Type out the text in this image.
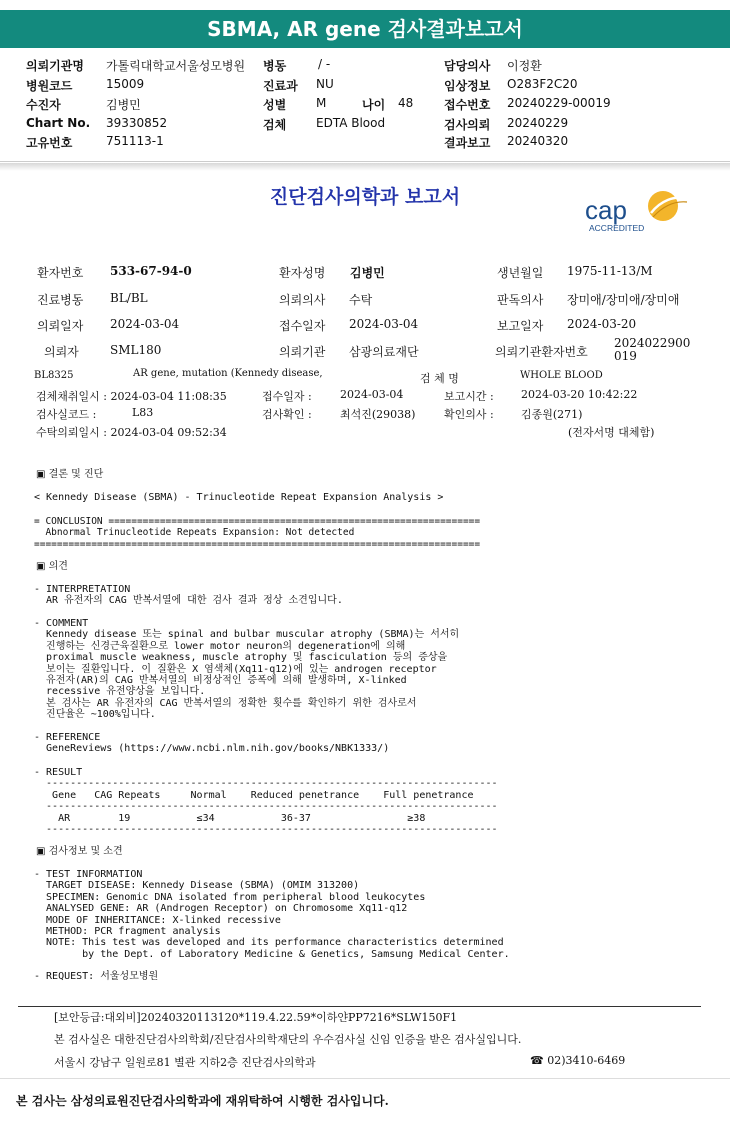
SBMA, AR gene 검사결과보고서
의뢰기관명 가톨릭대학교서울성모병원
병원코드	15009
수진자	김병민
Chart No. 39330852
고유번호	751113-1
병동	/ -
진료과 NU
성별 M
검체 EDTA Blood
나이 48
담당의사 이정환
임상정보 O283F2C20
접수번호 20240229-00019
검사의뢰 20240229
결과보고 20240320
진단검사의학과 보고서	cap
ACCREDITED
환자번호 533-67-94-0	환자성명 김병민	생년월일 1975-11-13/M
진료병동 BL/BL	의뢰의사 수탁	판독의사 장미애/장미애/장미애
의뢰일자 2024-03-04	접수일자 2024-03-04	보고일자 2024-03-20
의뢰자	SML180	의뢰기관 삼광의료재단	의뢰기관환자번호
2024022900019
BL8325	AR gene, mutation (Kennedy disease,	검 체 명	WHOLE BLOOD
검체채취일시 : 2024-03-04 11:08:35	접수일자 :	2024-03-04	보고시간 : 2024-03-20 10:42:22
검사실코드 :	L83	검사확인 :	최석진(29038)	확인의사 : 김종원(271)
수탁의뢰일시 : 2024-03-04 09:52:34	(전자서명 대체함)
▣ 결론 및 진단
< Kennedy Disease (SBMA) - Trinucleotide Repeat Expansion Analysis >
= CONCLUSION =================================================================
Abnormal Trinucleotide Repeats Expansion: Not detected
==============================================================================
▣ 의견
- INTERPRETATION
AR 유전자의 CAG 반복서열에 대한 검사 결과 정상 소견입니다.
- COMMENT
Kennedy disease 또는 spinal and bulbar muscular atrophy (SBMA)는 서서히
진행하는 신경근육질환으로 lower motor neuron의 degeneration에 의해
proximal muscle weakness, muscle atrophy 및 fasciculation 등의 증상을
보이는 질환입니다. 이 질환은 X 염색체(Xq11-q12)에 있는 androgen receptor
유전자(AR)의 CAG 반복서열의 비정상적인 증폭에 의해 발생하며, X-linked
recessive 유전양상을 보입니다.
본 검사는 AR 유전자의 CAG 반복서열의 정확한 횟수를 확인하기 위한 검사로서
진단율은 ~100%입니다.
- REFERENCE
GeneReviews (https://www.ncbi.nlm.nih.gov/books/NBK1333/)
- RESULT
---------------------------------------------------------------------------
Gene   CAG Repeats     Normal    Reduced penetrance    Full penetrance
---------------------------------------------------------------------------
AR        19           ≤34           36-37                ≥38
---------------------------------------------------------------------------
▣ 검사정보 및 소견
- TEST INFORMATION
TARGET DISEASE: Kennedy Disease (SBMA) (OMIM 313200)
SPECIMEN: Genomic DNA isolated from peripheral blood leukocytes
ANALYSED GENE: AR (Androgen Receptor) on Chromosome Xq11-q12
MODE OF INHERITANCE: X-linked recessive
METHOD: PCR fragment analysis
NOTE: This test was developed and its performance characteristics determined
by the Dept. of Laboratory Medicine & Genetics, Samsung Medical Center.
- REQUEST: 서울성모병원
[보안등급:대외비]20240320113120*119.4.22.59*이하얀PP7216*SLW150F1
본 검사실은 대한진단검사의학회/진단검사의학재단의 우수검사실 신임 인증을 받은 검사실입니다.
서울시 강남구 일원로81 별관 지하2층 진단검사의학과	☎ 02)3410-6469
본 검사는 삼성의료원진단검사의학과에 재위탁하여 시행한 검사입니다.
